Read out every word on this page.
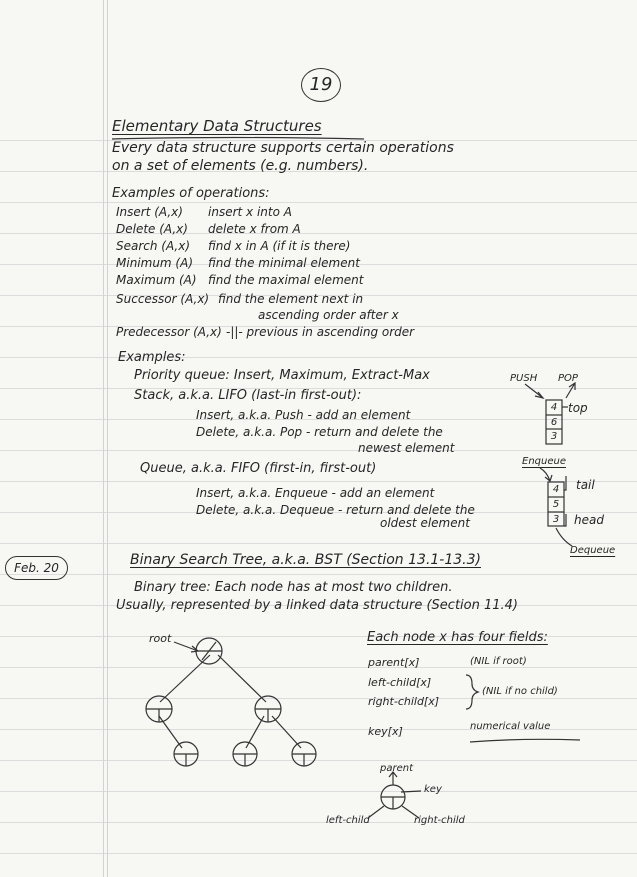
19
Elementary Data Structures
Every data structure supports certain operations
on a set of elements (e.g. numbers).
Examples of operations:
Insert (A,x) insert x into A
Delete (A,x) delete x from A
Search (A,x) find x in A (if it is there)
Minimum (A) find the minimal element
Maximum (A) find the maximal element
Successor (A,x) find the element next in
ascending order after x
Predecessor (A,x) -||- previous in ascending order
Examples:
Priority queue: Insert, Maximum, Extract-Max
Stack, a.k.a. LIFO (last-in first-out):
Insert, a.k.a. Push - add an element
Delete, a.k.a. Pop - return and delete the
newest element
Queue, a.k.a. FIFO (first-in, first-out)
Insert, a.k.a. Enqueue - add an element
Delete, a.k.a. Dequeue - return and delete the
oldest element
PUSH POP
4
6
3
top
Enqueue
tail
head
Dequeue
4
5
3
Feb. 20	Binary Search Tree, a.k.a. BST (Section 13.1-13.3)
Binary tree: Each node has at most two children.
Usually, represented by a linked data structure (Section 11.4)
root	Each node x has four fields:
parent[x]	(NIL if root)
left-child[x]
right-child[x]
(NIL if no child)
key[x]	numerical value
parent
key
left-child	right-child
